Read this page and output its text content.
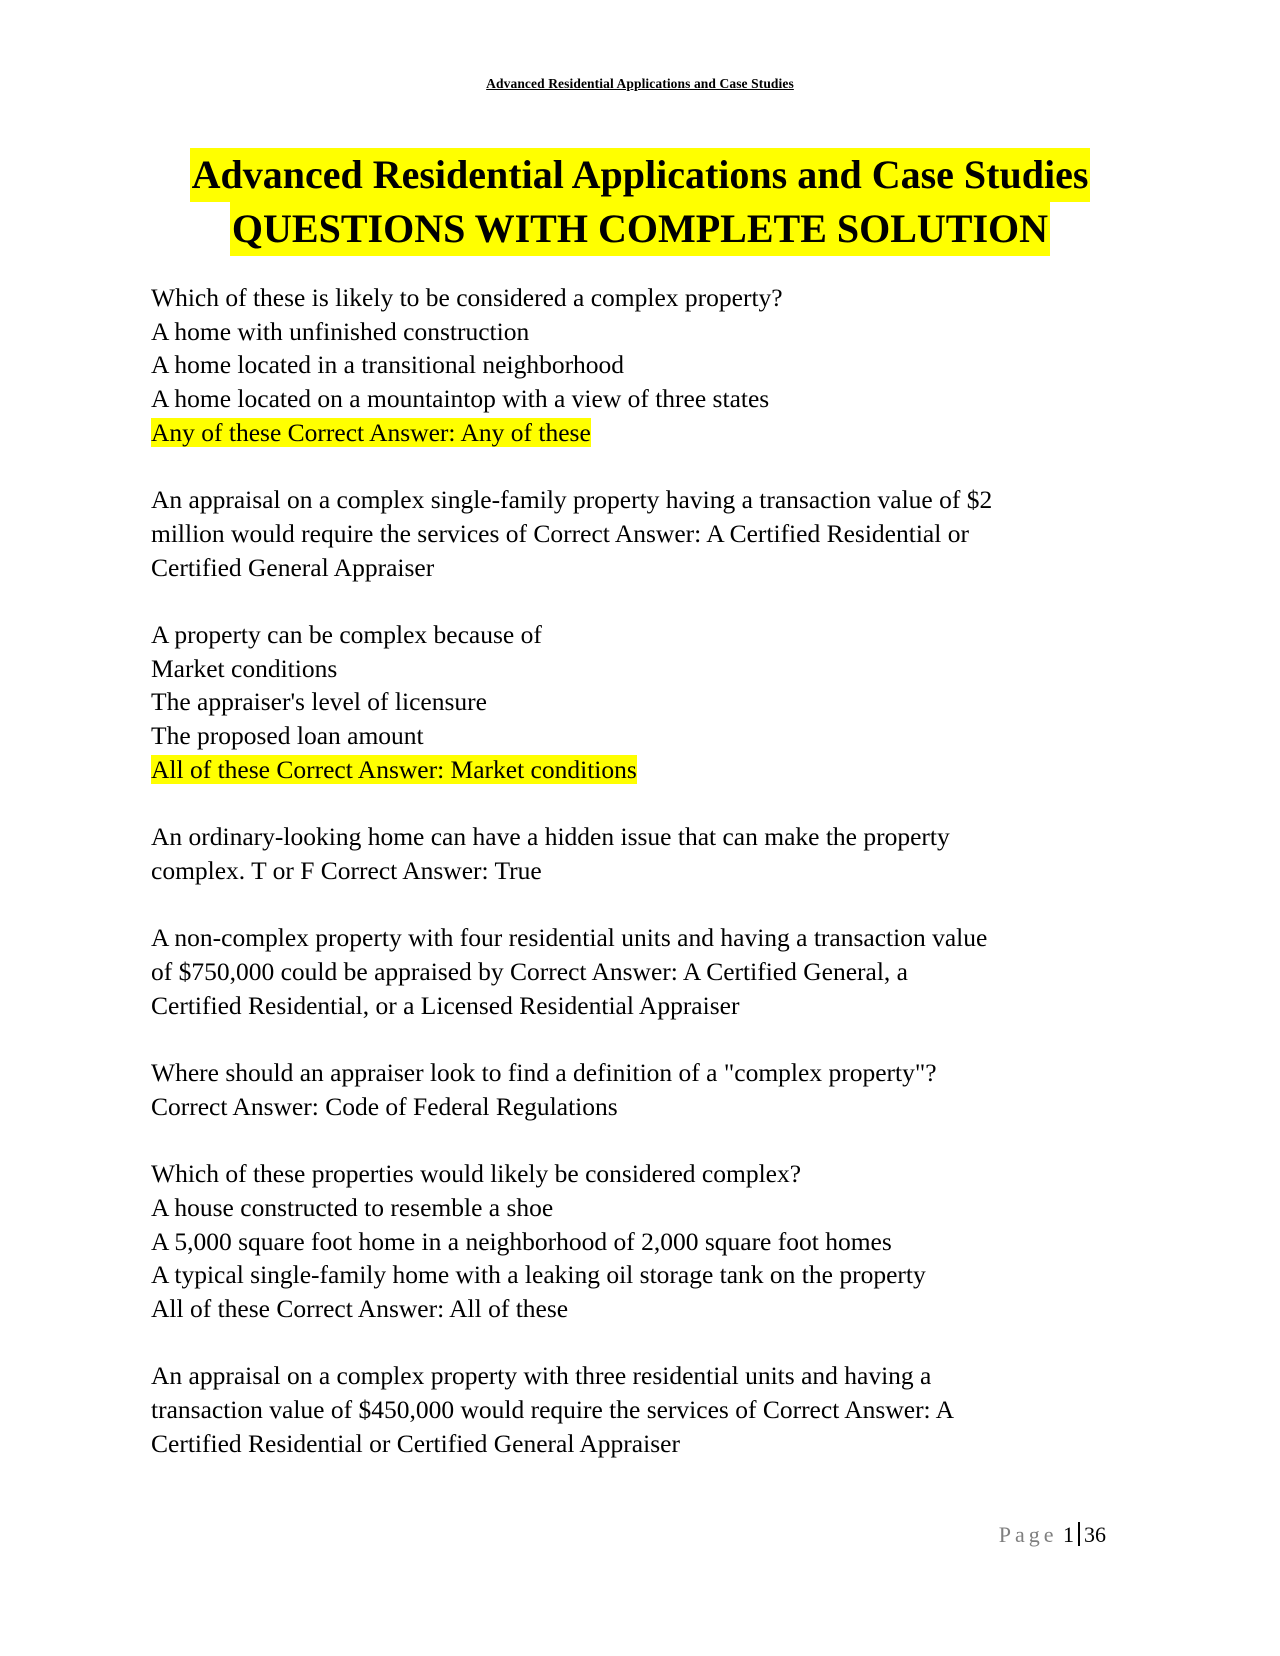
Advanced Residential Applications and Case Studies
Advanced Residential Applications and Case Studies
QUESTIONS WITH COMPLETE SOLUTION
Which of these is likely to be considered a complex property?
A home with unfinished construction
A home located in a transitional neighborhood
A home located on a mountaintop with a view of three states
Any of these Correct Answer: Any of these
An appraisal on a complex single-family property having a transaction value of $2
million would require the services of Correct Answer: A Certified Residential or
Certified General Appraiser
A property can be complex because of
Market conditions
The appraiser's level of licensure
The proposed loan amount
All of these Correct Answer: Market conditions
An ordinary-looking home can have a hidden issue that can make the property
complex. T or F Correct Answer: True
A non-complex property with four residential units and having a transaction value
of $750,000 could be appraised by Correct Answer: A Certified General, a
Certified Residential, or a Licensed Residential Appraiser
Where should an appraiser look to find a definition of a "complex property"?
Correct Answer: Code of Federal Regulations
Which of these properties would likely be considered complex?
A house constructed to resemble a shoe
A 5,000 square foot home in a neighborhood of 2,000 square foot homes
A typical single-family home with a leaking oil storage tank on the property
All of these Correct Answer: All of these
An appraisal on a complex property with three residential units and having a
transaction value of $450,000 would require the services of Correct Answer: A
Certified Residential or Certified General Appraiser
Page 1 36
